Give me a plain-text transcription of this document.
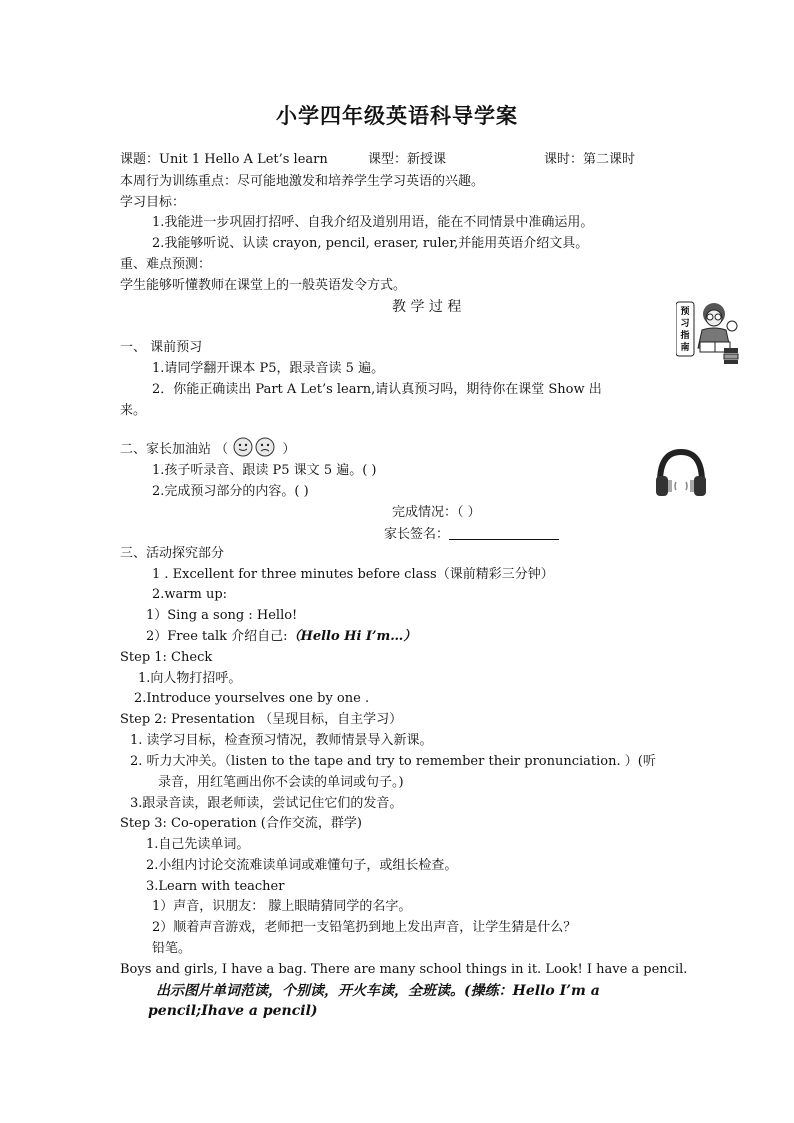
小学四年级英语科导学案
课题：Unit 1 Hello A Let’s learn	课型：新授课	课时：第二课时
本周行为训练重点：尽可能地激发和培养学生学习英语的兴趣。
学习目标：
1.我能进一步巩固打招呼、自我介绍及道别用语，能在不同情景中准确运用。
2.我能够听说、认读 crayon, pencil, eraser, ruler,并能用英语介绍文具。
重、难点预测：
学生能够听懂教师在课堂上的一般英语发令方式。
教 学 过 程	预
习
指
南
一、 课前预习
1.请同学翻开课本 P5，跟录音读 5 遍。
2．你能正确读出 Part A Let’s learn,请认真预习吗，期待你在课堂 Show 出
来。
二、家长加油站 （	）
1.孩子听录音、跟读 P5 课文 5 遍。( )
2.完成预习部分的内容。( )
完成情况：（ ）
家长签名：
三、活动探究部分
1 . Excellent for three minutes before class（课前精彩三分钟）
2.warm up:
1）Sing a song : Hello!
2）Free talk 介绍自己:（Hello Hi I’m…）
Step 1: Check
1.向人物打招呼。
2.Introduce yourselves one by one .
Step 2: Presentation （呈现目标，自主学习）
1. 读学习目标，检查预习情况，教师情景导入新课。
2. 听力大冲关。（listen to the tape and try to remember their pronunciation. ）(听
录音，用红笔画出你不会读的单词或句子。)
3.跟录音读，跟老师读，尝试记住它们的发音。
Step 3: Co-operation (合作交流，群学)
1.自己先读单词。
2.小组内讨论交流难读单词或难懂句子，或组长检查。
3.Learn with teacher
1）声音，识朋友： 朦上眼睛猜同学的名字。
2）顺着声音游戏，老师把一支铅笔扔到地上发出声音，让学生猜是什么？
铅笔。
Boys and girls, I have a bag. There are many school things in it. Look! I have a pencil.
出示图片单词范读，个别读，开火车读，全班读。(操练：Hello I’m a
pencil;Ihave a pencil)
